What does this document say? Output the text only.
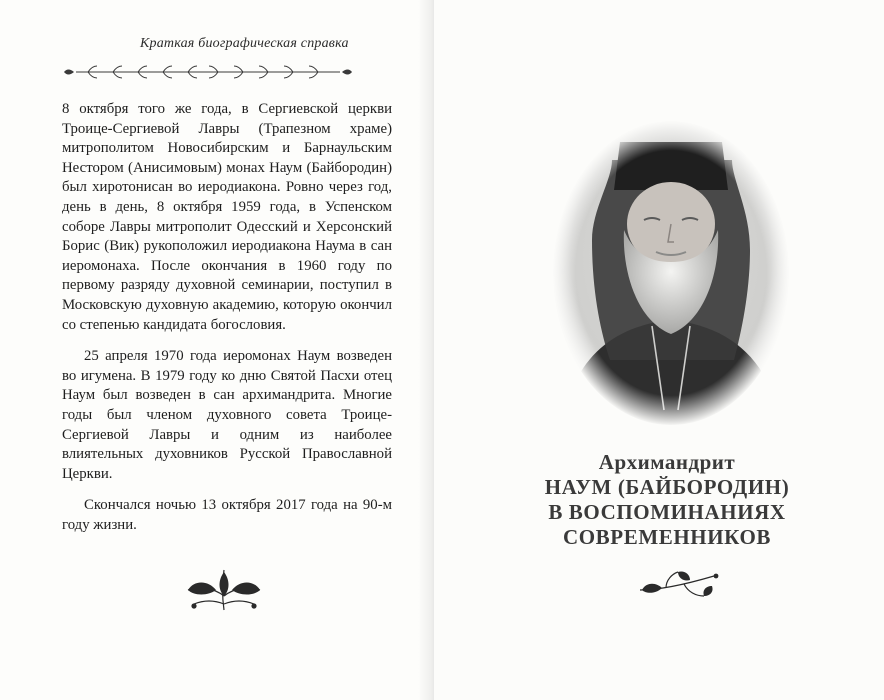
Краткая биографическая справка

8 октября того же года, в Сергиевской церкви Троице-Сергиевой Лавры (Трапезном храме) митрополитом Новосибирским и Барнаульским Нестором (Анисимовым) монах Наум (Байбородин) был хиротонисан во иеродиакона. Ровно через год, день в день, 8 октября 1959 года, в Успенском соборе Лавры митрополит Одесский и Херсонский Борис (Вик) рукоположил иеродиакона Наума в сан иеромонаха. После окончания в 1960 году по первому разряду духовной семинарии, поступил в Московскую духовную академию, которую окончил со степенью кандидата богословия.

25 апреля 1970 года иеромонах Наум возведен во игумена. В 1979 году ко дню Святой Пасхи отец Наум был возведен в сан архимандрита. Многие годы был членом духовного совета Троице-Сергиевой Лавры и одним из наиболее влиятельных духовников Русской Православной Церкви.

Скончался ночью 13 октября 2017 года на 90-м году жизни.

Архимандрит
НАУМ (БАЙБОРОДИН)
В ВОСПОМИНАНИЯХ
СОВРЕМЕННИКОВ
